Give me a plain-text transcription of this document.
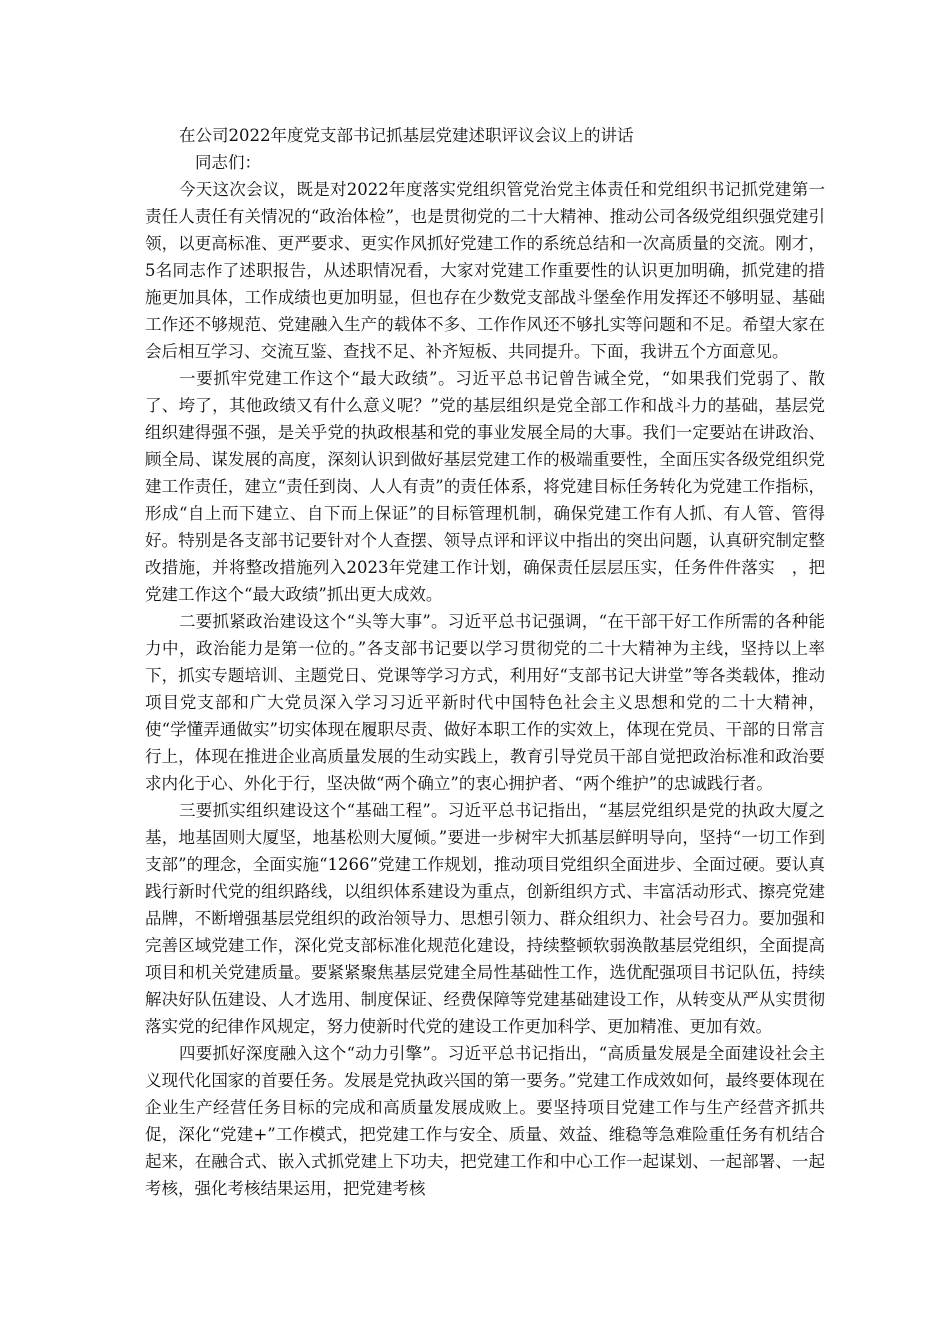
在公司2022年度党支部书记抓基层党建述职评议会议上的讲话

同志们：

今天这次会议，既是对2022年度落实党组织管党治党主体责任和党组织书记抓党建第一责任人责任有关情况的“政治体检”，也是贯彻党的二十大精神、推动公司各级党组织强党建引领，以更高标准、更严要求、更实作风抓好党建工作的系统总结和一次高质量的交流。刚才，5名同志作了述职报告，从述职情况看，大家对党建工作重要性的认识更加明确，抓党建的措施更加具体，工作成绩也更加明显，但也存在少数党支部战斗堡垒作用发挥还不够明显、基础工作还不够规范、党建融入生产的载体不多、工作作风还不够扎实等问题和不足。希望大家在会后相互学习、交流互鉴、查找不足、补齐短板、共同提升。下面，我讲五个方面意见。

一要抓牢党建工作这个“最大政绩”。习近平总书记曾告诫全党，“如果我们党弱了、散了、垮了，其他政绩又有什么意义呢？”党的基层组织是党全部工作和战斗力的基础，基层党组织建得强不强，是关乎党的执政根基和党的事业发展全局的大事。我们一定要站在讲政治、顾全局、谋发展的高度，深刻认识到做好基层党建工作的极端重要性，全面压实各级党组织党建工作责任，建立“责任到岗、人人有责”的责任体系，将党建目标任务转化为党建工作指标，形成“自上而下建立、自下而上保证”的目标管理机制，确保党建工作有人抓、有人管、管得好。特别是各支部书记要针对个人查摆、领导点评和评议中指出的突出问题，认真研究制定整改措施，并将整改措施列入2023年党建工作计划，确保责任层层压实，任务件件落实　，把党建工作这个“最大政绩”抓出更大成效。

二要抓紧政治建设这个“头等大事”。习近平总书记强调，“在干部干好工作所需的各种能力中，政治能力是第一位的。”各支部书记要以学习贯彻党的二十大精神为主线，坚持以上率下，抓实专题培训、主题党日、党课等学习方式，利用好“支部书记大讲堂”等各类载体，推动项目党支部和广大党员深入学习习近平新时代中国特色社会主义思想和党的二十大精神，使“学懂弄通做实”切实体现在履职尽责、做好本职工作的实效上，体现在党员、干部的日常言行上，体现在推进企业高质量发展的生动实践上，教育引导党员干部自觉把政治标准和政治要求内化于心、外化于行，坚决做“两个确立”的衷心拥护者、“两个维护”的忠诚践行者。

三要抓实组织建设这个“基础工程”。习近平总书记指出，“基层党组织是党的执政大厦之基，地基固则大厦坚，地基松则大厦倾。”要进一步树牢大抓基层鲜明导向，坚持“一切工作到支部”的理念，全面实施“1266”党建工作规划，推动项目党组织全面进步、全面过硬。要认真践行新时代党的组织路线，以组织体系建设为重点，创新组织方式、丰富活动形式、擦亮党建品牌，不断增强基层党组织的政治领导力、思想引领力、群众组织力、社会号召力。要加强和完善区域党建工作，深化党支部标准化规范化建设，持续整顿软弱涣散基层党组织，全面提高项目和机关党建质量。要紧紧聚焦基层党建全局性基础性工作，选优配强项目书记队伍，持续解决好队伍建设、人才选用、制度保证、经费保障等党建基础建设工作，从转变从严从实贯彻落实党的纪律作风规定，努力使新时代党的建设工作更加科学、更加精准、更加有效。

四要抓好深度融入这个“动力引擎”。习近平总书记指出，“高质量发展是全面建设社会主义现代化国家的首要任务。发展是党执政兴国的第一要务。”党建工作成效如何，最终要体现在企业生产经营任务目标的完成和高质量发展成败上。要坚持项目党建工作与生产经营齐抓共促，深化“党建+”工作模式，把党建工作与安全、质量、效益、维稳等急难险重任务有机结合起来，在融合式、嵌入式抓党建上下功夫，把党建工作和中心工作一起谋划、一起部署、一起考核，强化考核结果运用，把党建考核
